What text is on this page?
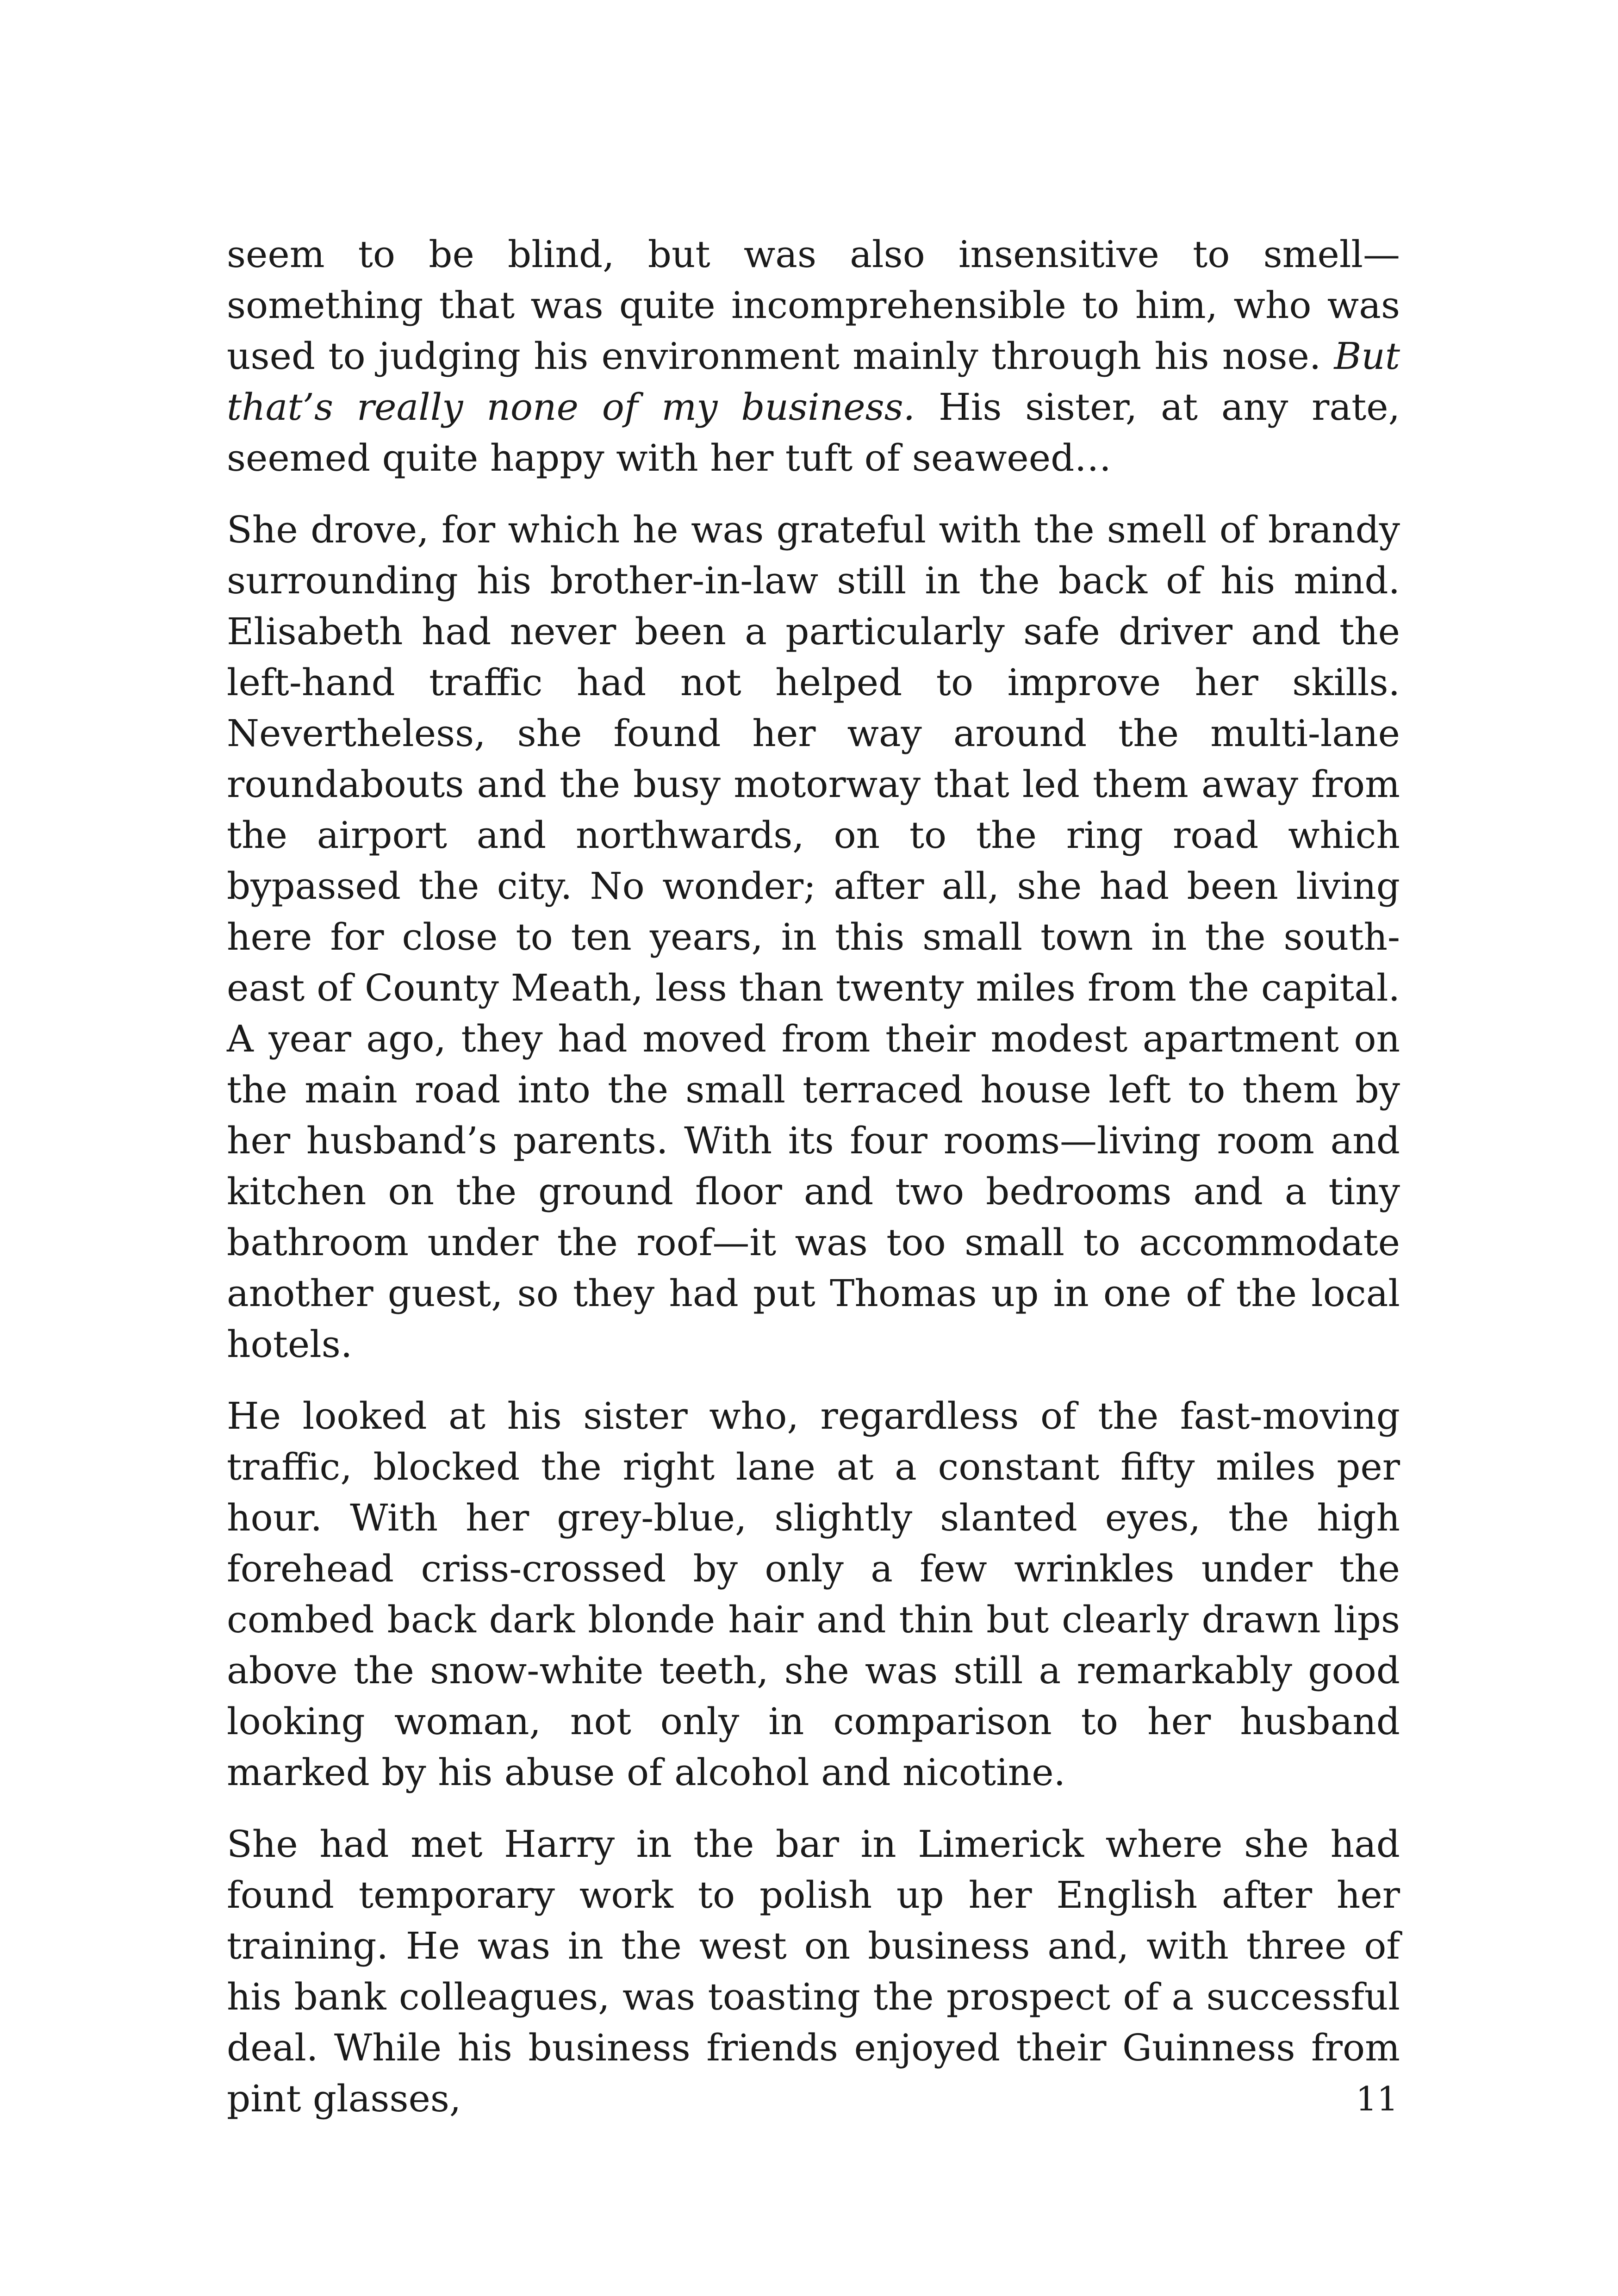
seem to be blind, but was also insensitive to smell—something that was quite incomprehensible to him, who was used to judging his environment mainly through his nose. But that’s really none of my business. His sister, at any rate, seemed quite happy with her tuft of seaweed…

She drove, for which he was grateful with the smell of brandy surrounding his brother-in-law still in the back of his mind. Elisabeth had never been a particularly safe driver and the left-hand traffic had not helped to improve her skills. Nevertheless, she found her way around the multi-lane roundabouts and the busy motorway that led them away from the airport and northwards, on to the ring road which bypassed the city. No wonder; after all, she had been living here for close to ten years, in this small town in the south-east of County Meath, less than twenty miles from the capital. A year ago, they had moved from their modest apartment on the main road into the small terraced house left to them by her husband’s parents. With its four rooms—living room and kitchen on the ground floor and two bedrooms and a tiny bathroom under the roof—it was too small to accommodate another guest, so they had put Thomas up in one of the local hotels.

He looked at his sister who, regardless of the fast-moving traffic, blocked the right lane at a constant fifty miles per hour. With her grey-blue, slightly slanted eyes, the high forehead criss-crossed by only a few wrinkles under the combed back dark blonde hair and thin but clearly drawn lips above the snow-white teeth, she was still a remarkably good looking woman, not only in comparison to her husband marked by his abuse of alcohol and nicotine.

She had met Harry in the bar in Limerick where she had found temporary work to polish up her English after her training. He was in the west on business and, with three of his bank colleagues, was toasting the prospect of a successful deal. While his business friends enjoyed their Guinness from pint glasses,	11
